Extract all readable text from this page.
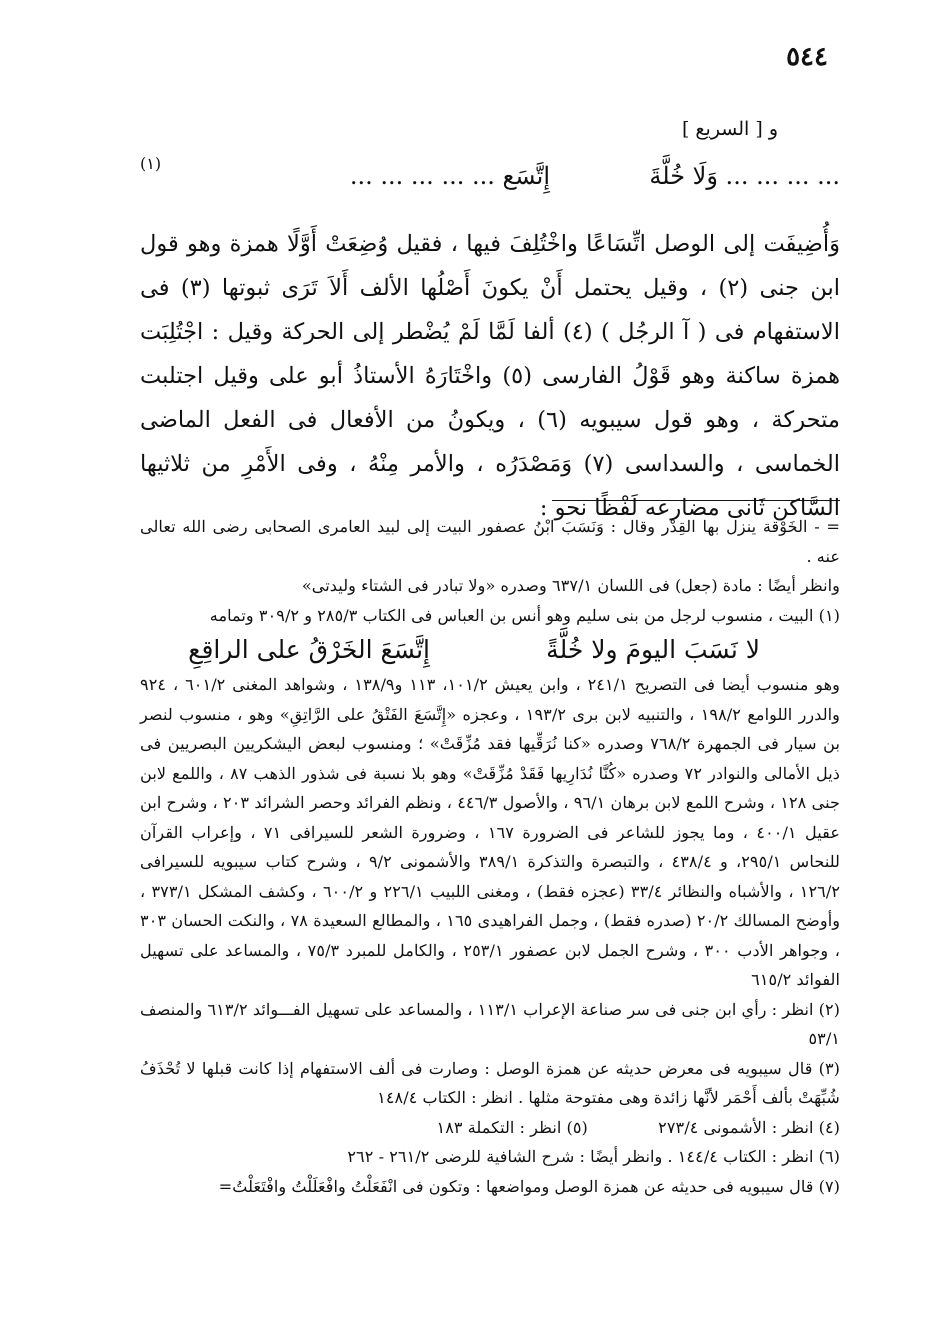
٥٤٤

و [ السريع ]
... ... ... ... وَلَا خُلَّةَ
إِتَّسَع ... ... ... ... ...
(١)

وَأُضِيفَت إلى الوصل اتِّسَاعًا واخْتُلِفَ فيها ، فقيل وُضِعَتْ أَوَّلًا همزة وهو قول ابن جنى (٢) ، وقيل يحتمل أَنْ يكونَ أَصْلُها الألف أَلاَ تَرَى ثبوتها (٣) فى الاستفهام فى ( آ الرجُل ) (٤) ألفا لَمَّا لَمْ يُضْطر إلى الحركة وقيل : اجْتُلِبَت همزة ساكنة وهو قَوْلُ الفارسى (٥) واخْتَارَهُ الأستاذُ أبو على وقيل اجتلبت متحركة ، وهو قول سيبويه (٦) ، ويكونُ من الأفعال فى الفعل الماضى الخماسى ، والسداسى (٧) وَمَصْدَرُه ، والأمر مِنْهُ ، وفى الأَمْرِ من ثلاثيها السَّاكن ثَانى مضارعه لَفْظًا نحو :

= - الخَوْقة ينزل بها القِدْر وقال : وَنَسَبَ ابْنُ عصفور البيت إلى لبيد العامرى الصحابى رضى الله تعالى عنه .

وانظر أيضًا : مادة (جعل) فى اللسان ٦٣٧/١ وصدره «ولا تبادر فى الشتاء وليدتى»

(١) البيت ، منسوب لرجل من بنى سليم وهو أنس بن العباس فى الكتاب ٢٨٥/٣ و ٣٠٩/٢ وتمامه

لا نَسَبَ اليومَ ولا خُلَّةً
إِتَّسَعَ الخَرْقُ على الراقِعِ

وهو منسوب أيضا فى التصريح ٢٤١/١ ، وابن يعيش ١٠١/٢، ١١٣ و١٣٨/٩ ، وشواهد المغنى ٦٠١/٢ ، ٩٢٤ والدرر اللوامع ١٩٨/٢ ، والتنبيه لابن برى ١٩٣/٢ ، وعجزه «إِتَّسَعَ الفَتْقُ على الرَّاتِقِ» وهو ، منسوب لنصر بن سيار فى الجمهرة ٧٦٨/٢ وصدره «كنا نُرَقِّيها فقد مُزِّقَتْ» ؛ ومنسوب لبعض اليشكريين البصريين فى ذيل الأمالى والنوادر ٧٢ وصدره «كُنَّا نُدَارِيها فَقَدْ مُزِّقَتْ» وهو بلا نسبة فى شذور الذهب ٨٧ ، واللمع لابن جنى ١٢٨ ، وشرح اللمع لابن برهان ٩٦/١ ، والأصول ٤٤٦/٣ ، ونظم الفرائد وحصر الشرائد ٢٠٣ ، وشرح ابن عقيل ٤٠٠/١ ، وما يجوز للشاعر فى الضرورة ١٦٧ ، وضرورة الشعر للسيرافى ٧١ ، وإعراب القرآن للنحاس ٢٩٥/١، و ٤٣٨/٤ ، والتبصرة والتذكرة ٣٨٩/١ والأشمونى ٩/٢ ، وشرح كتاب سيبويه للسيرافى ١٢٦/٢ ، والأشباه والنظائر ٣٣/٤ (عجزه فقط) ، ومغنى اللبيب ٢٢٦/١ و ٦٠٠/٢ ، وكشف المشكل ٣٧٣/١ ، وأوضح المسالك ٢٠/٢ (صدره فقط) ، وجمل الفراهيدى ١٦٥ ، والمطالع السعيدة ٧٨ ، والنكت الحسان ٣٠٣ ، وجواهر الأدب ٣٠٠ ، وشرح الجمل لابن عصفور ٢٥٣/١ ، والكامل للمبرد ٧٥/٣ ، والمساعد على تسهيل الفوائد ٦١٥/٢

(٢) انظر : رأي ابن جنى فى سر صناعة الإعراب ١١٣/١ ، والمساعد على تسهيل الفـــوائد ٦١٣/٢ والمنصف ٥٣/١

(٣) قال سيبويه فى معرض حديثه عن همزة الوصل : وصارت فى ألف الاستفهام إذا كانت قبلها لا تُحْذَفُ شُبِّهَتْ بألف أَحْمَر لأنَّها زائدة وهى مفتوحة مثلها . انظر : الكتاب ١٤٨/٤

(٤) انظر : الأشمونى ٢٧٣/٤  (٥) انظر : التكملة ١٨٣

(٦) انظر : الكتاب ١٤٤/٤ . وانظر أيضًا : شرح الشافية للرضى ٢٦١/٢ - ٢٦٢

(٧) قال سيبويه فى حديثه عن همزة الوصل ومواضعها : وتكون فى انْفَعَلْتُ وافْعَلَلْتُ وافْتَعَلْتُ=
